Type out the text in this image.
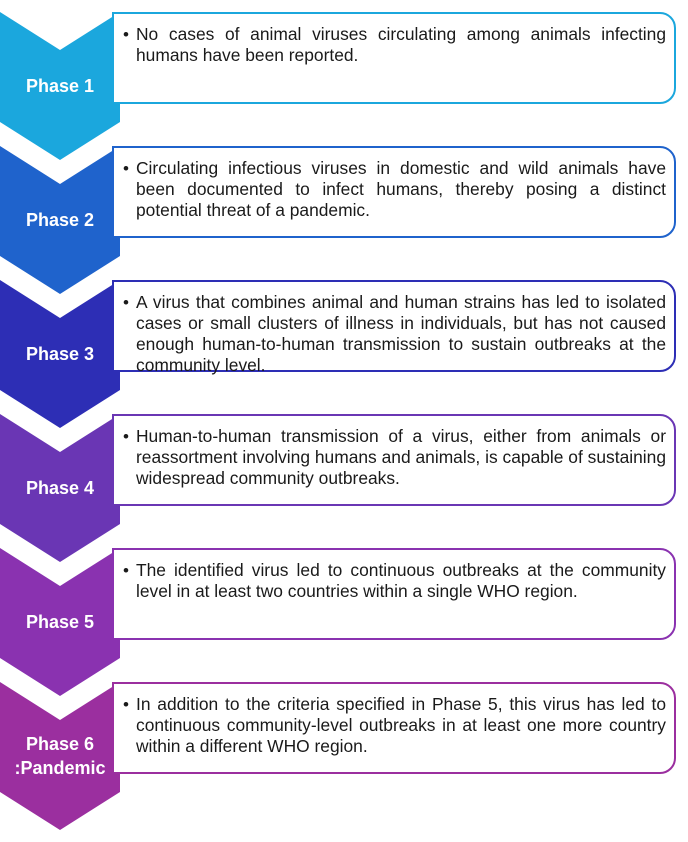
Phase 1
• No cases of animal viruses circulating among animals infecting humans have been reported.
Phase 2
• Circulating infectious viruses in domestic and wild animals have been documented to infect humans, thereby posing a distinct potential threat of a pandemic.
Phase 3
• A virus that combines animal and human strains has led to isolated cases or small clusters of illness in individuals, but has not caused enough human-to-human transmission to sustain outbreaks at the community level.
Phase 4
• Human-to-human transmission of a virus, either from animals or reassortment involving humans and animals, is capable of sustaining widespread community outbreaks.
Phase 5
• The identified virus led to continuous outbreaks at the community level in at least two countries within a single WHO region.
Phase 6
:Pandemic
• In addition to the criteria specified in Phase 5, this virus has led to continuous community-level outbreaks in at least one more country within a different WHO region.
